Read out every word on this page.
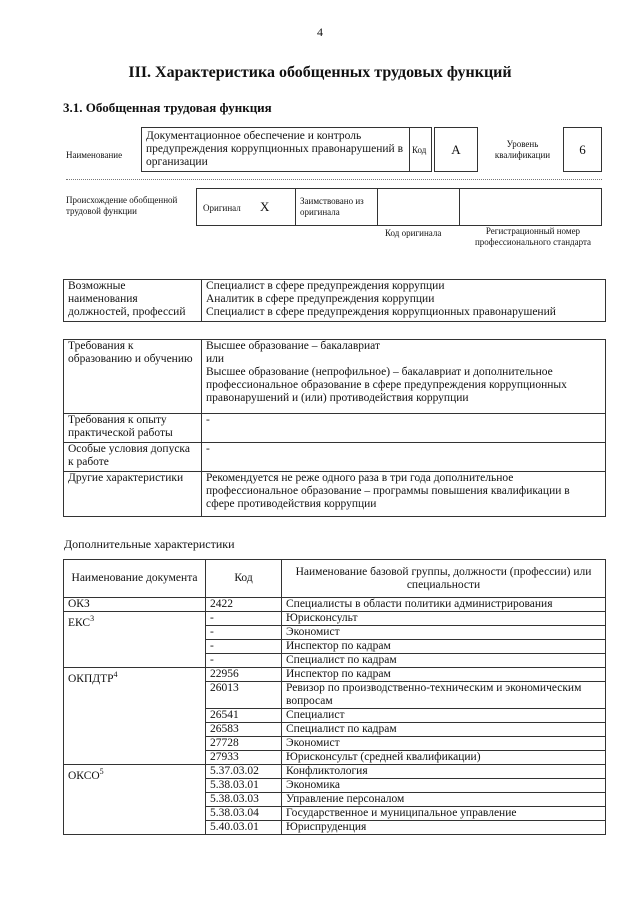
4
III. Характеристика обобщенных трудовых функций
3.1. Обобщенная трудовая функция
Наименование
Документационное обеспечение и контроль предупреждения коррупционных правонарушений в организации
Код	А	Уровень квалификации	6
Происхождение обобщенной трудовой функции	Оригинал Х	Заимствовано из оригинала
Код оригинала	Регистрационный номер профессионального стандарта
Возможные наименования должностей, профессий	
Специалист в сфере предупреждения коррупции
Аналитик в сфере предупреждения коррупции
Специалист в сфере предупреждения коррупционных правонарушений
Требования к образованию и обучению	Высшее образование – бакалавриат
или
Высшее образование (непрофильное) – бакалавриат и дополнительное профессиональное образование в сфере предупреждения коррупционных правонарушений и (или) противодействия коррупции
Требования к опыту практической работы	-
Особые условия допуска к работе	-
Другие характеристики	Рекомендуется не реже одного раза в три года дополнительное профессиональное образование – программы повышения квалификации в сфере противодействия коррупции
Дополнительные характеристики
Наименование документа	Код	Наименование базовой группы, должности (профессии) или специальности
ОКЗ	2422	Специалисты в области политики администрирования
ЕКС$^3$	-	Юрисконсульт
	-	Экономист
	-	Инспектор по кадрам
	-	Специалист по кадрам
ОКПДТР$^4$	22956	Инспектор по кадрам
	26013	Ревизор по производственно-техническим и экономическим вопросам
	26541	Специалист
	26583	Специалист по кадрам
	27728	Экономист
	27933	Юрисконсульт (средней квалификации)
ОКСО$^5$	5.37.03.02	Конфликтология
	5.38.03.01	Экономика
	5.38.03.03	Управление персоналом
	5.38.03.04	Государственное и муниципальное управление
	5.40.03.01	Юриспруденция
